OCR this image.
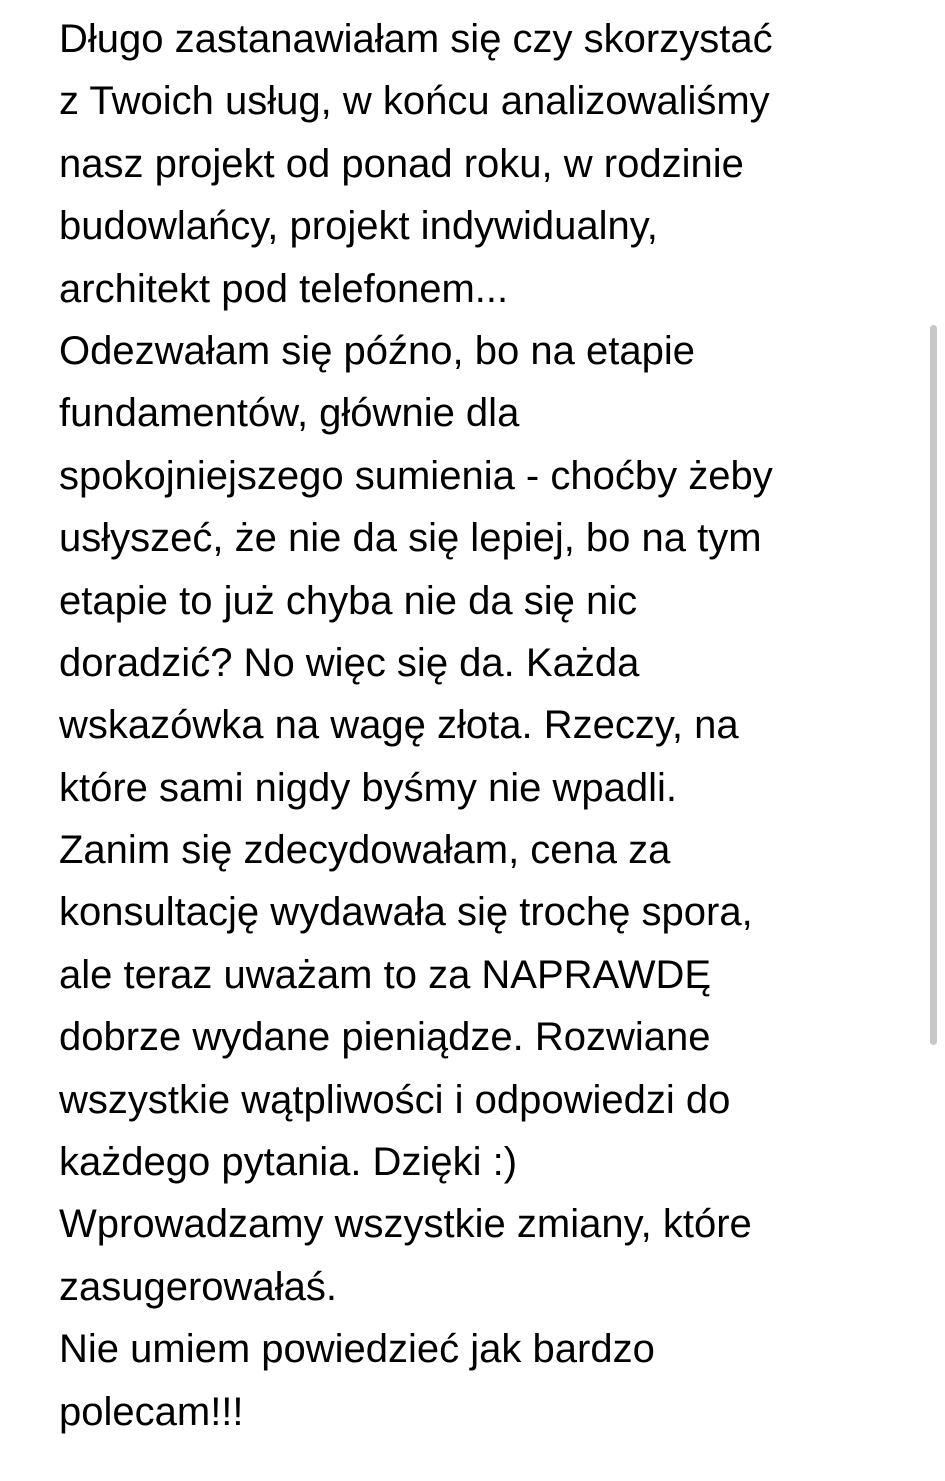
Długo zastanawiałam się czy skorzystać
z Twoich usług, w końcu analizowaliśmy
nasz projekt od ponad roku, w rodzinie
budowlańcy, projekt indywidualny,
architekt pod telefonem...
Odezwałam się późno, bo na etapie
fundamentów, głównie dla
spokojniejszego sumienia - choćby żeby
usłyszeć, że nie da się lepiej, bo na tym
etapie to już chyba nie da się nic
doradzić? No więc się da. Każda
wskazówka na wagę złota. Rzeczy, na
które sami nigdy byśmy nie wpadli.
Zanim się zdecydowałam, cena za
konsultację wydawała się trochę spora,
ale teraz uważam to za NAPRAWDĘ
dobrze wydane pieniądze. Rozwiane
wszystkie wątpliwości i odpowiedzi do
każdego pytania. Dzięki :)
Wprowadzamy wszystkie zmiany, które
zasugerowałaś.
Nie umiem powiedzieć jak bardzo
polecam!!!
